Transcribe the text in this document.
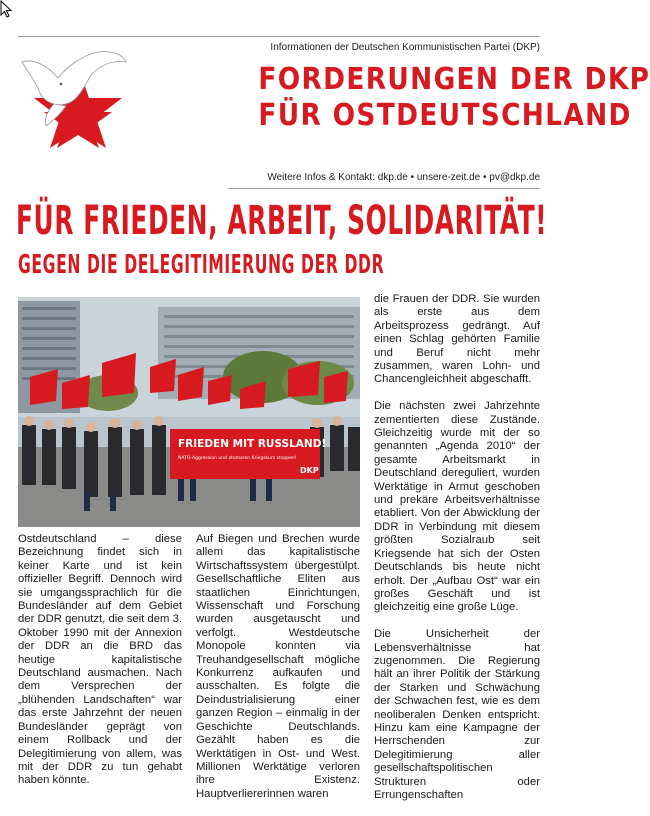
Informationen der Deutschen Kommunistischen Partei (DKP)
FORDERUNGEN DER DKP
FÜR OSTDEUTSCHLAND
Weitere Infos & Kontakt: dkp.de • unsere-zeit.de • pv@dkp.de
FÜR FRIEDEN, ARBEIT, SOLIDARITÄT!
GEGEN DIE DELEGITIMIERUNG DER DDR
FRIEDEN MIT RUSSLAND!
NATO-Aggression und atomaren Kriegskurs stoppen!
DKP

Ostdeutschland – diese Bezeichnung findet sich in keiner Karte und ist kein offizieller Begriff. Dennoch wird sie umgangssprachlich für die Bundesländer auf dem Gebiet der DDR genutzt, die seit dem 3. Oktober 1990 mit der Annexion der DDR an die BRD das heutige kapitalistische Deutschland ausmachen. Nach dem Versprechen der „blühenden Landschaften“ war das erste Jahrzehnt der neuen Bundesländer geprägt von einem Rollback und der Delegitimierung von allem, was mit der DDR zu tun gehabt haben könnte.

Auf Biegen und Brechen wurde allem das kapitalistische Wirtschaftssystem übergestülpt. Gesellschaftliche Eliten aus staatlichen Einrichtungen, Wissenschaft und Forschung wurden ausgetauscht und verfolgt. Westdeutsche Monopole konnten via Treuhandgesellschaft mögliche Konkurrenz aufkaufen und ausschalten. Es folgte die Deindustrialisierung einer ganzen Region – einmalig in der Geschichte Deutschlands. Gezählt haben es die Werktätigen in Ost- und West. Millionen Werktätige verloren ihre Existenz. Hauptverliererinnen waren

die Frauen der DDR. Sie wurden als erste aus dem Arbeitsprozess gedrängt. Auf einen Schlag gehörten Familie und Beruf nicht mehr zusammen, waren Lohn- und Chancengleichheit abgeschafft.

Die nächsten zwei Jahrzehnte zementierten diese Zustände. Gleichzeitig wurde mit der so genannten „Agenda 2010“ der gesamte Arbeitsmarkt in Deutschland dereguliert, wurden Werktätige in Armut geschoben und prekäre Arbeitsverhältnisse etabliert. Von der Abwicklung der DDR in Verbindung mit diesem größten Sozialraub seit Kriegsende hat sich der Osten Deutschlands bis heute nicht erholt. Der „Aufbau Ost“ war ein großes Geschäft und ist gleichzeitig eine große Lüge.

Die Unsicherheit der Lebensverhältnisse hat zugenommen. Die Regierung hält an ihrer Politik der Stärkung der Starken und Schwächung der Schwachen fest, wie es dem neoliberalen Denken entspricht. Hinzu kam eine Kampagne der Herrschenden zur Delegitimierung aller gesellschaftspolitischen Strukturen oder Errungenschaften
